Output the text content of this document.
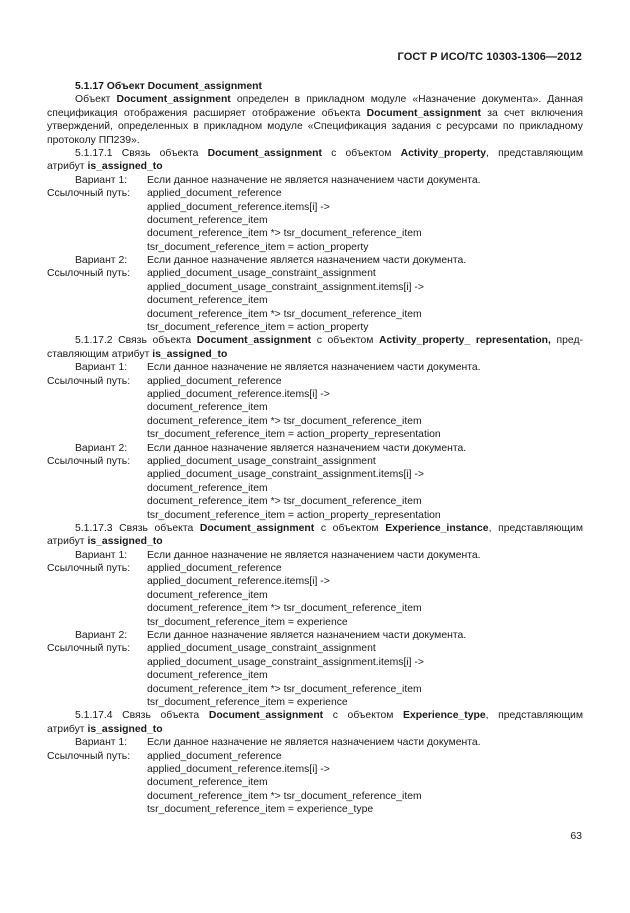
ГОСТ Р ИСО/ТС 10303-1306—2012
5.1.17 Объект Document_assignment
Объект Document_assignment определен в прикладном модуле «Назначение документа». Данная
спецификация отображения расширяет отображение объекта Document_assignment за счет включения
утверждений, определенных в прикладном модуле «Спецификация задания с ресурсами по прикладному
протоколу ПП239».
5.1.17.1 Связь объекта Document_assignment с объектом Activity_property, представляющим
атрибут is_assigned_to
Вариант 1:	Если данное назначение не является назначением части документа.
Ссылочный путь:	applied_document_reference
applied_document_reference.items[i] ->
document_reference_item
document_reference_item *> tsr_document_reference_item
tsr_document_reference_item = action_property
Вариант 2:	Если данное назначение является назначением части документа.
Ссылочный путь:	applied_document_usage_constraint_assignment
applied_document_usage_constraint_assignment.items[i] ->
document_reference_item
document_reference_item *> tsr_document_reference_item
tsr_document_reference_item = action_property
5.1.17.2 Связь объекта Document_assignment с объектом Activity_property_ representation, пред-
ставляющим атрибут is_assigned_to
Вариант 1:	Если данное назначение не является назначением части документа.
Ссылочный путь:	applied_document_reference
applied_document_reference.items[i] ->
document_reference_item
document_reference_item *> tsr_document_reference_item
tsr_document_reference_item = action_property_representation
Вариант 2:	Если данное назначение является назначением части документа.
Ссылочный путь:	applied_document_usage_constraint_assignment
applied_document_usage_constraint_assignment.items[i] ->
document_reference_item
document_reference_item *> tsr_document_reference_item
tsr_document_reference_item = action_property_representation
5.1.17.3 Связь объекта Document_assignment с объектом Experience_instance, представляющим
атрибут is_assigned_to
Вариант 1:	Если данное назначение не является назначением части документа.
Ссылочный путь:	applied_document_reference
applied_document_reference.items[i] ->
document_reference_item
document_reference_item *> tsr_document_reference_item
tsr_document_reference_item = experience
Вариант 2:	Если данное назначение является назначением части документа.
Ссылочный путь:	applied_document_usage_constraint_assignment
applied_document_usage_constraint_assignment.items[i] ->
document_reference_item
document_reference_item *> tsr_document_reference_item
tsr_document_reference_item = experience
5.1.17.4 Связь объекта Document_assignment с объектом Experience_type, представляющим
атрибут is_assigned_to
Вариант 1:	Если данное назначение не является назначением части документа.
Ссылочный путь:	applied_document_reference
applied_document_reference.items[i] ->
document_reference_item
document_reference_item *> tsr_document_reference_item
tsr_document_reference_item = experience_type
63
